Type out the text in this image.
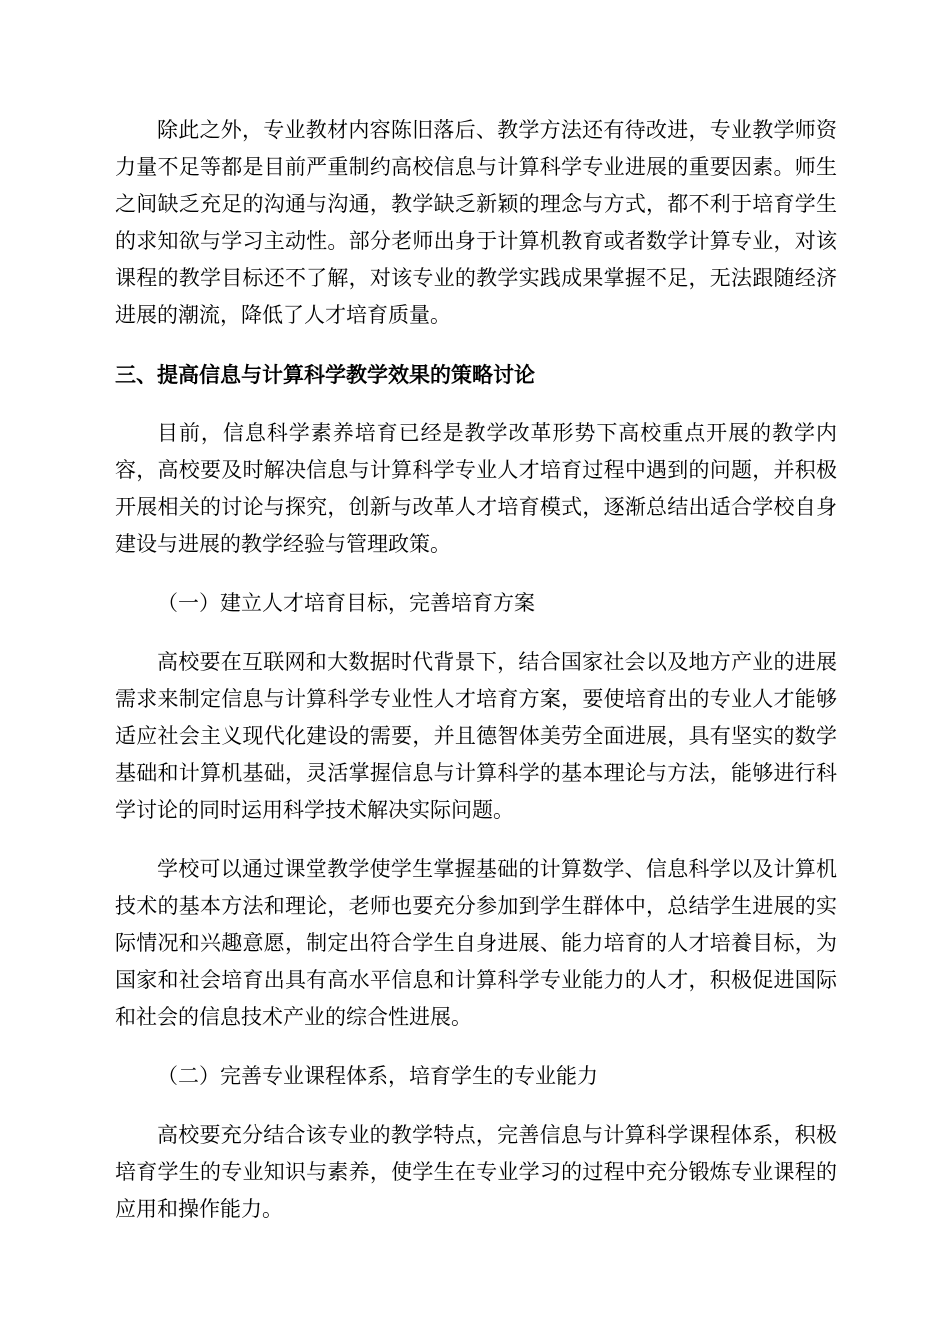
除此之外，专业教材内容陈旧落后、教学方法还有待改进，专业教学师资力量不足等都是目前严重制约高校信息与计算科学专业进展的重要因素。师生之间缺乏充足的沟通与沟通，教学缺乏新颖的理念与方式，都不利于培育学生的求知欲与学习主动性。部分老师出身于计算机教育或者数学计算专业，对该课程的教学目标还不了解，对该专业的教学实践成果掌握不足，无法跟随经济进展的潮流，降低了人才培育质量。

三、提高信息与计算科学教学效果的策略讨论

目前，信息科学素养培育已经是教学改革形势下高校重点开展的教学内容，高校要及时解决信息与计算科学专业人才培育过程中遇到的问题，并积极开展相关的讨论与探究，创新与改革人才培育模式，逐渐总结出适合学校自身建设与进展的教学经验与管理政策。

（一）建立人才培育目标，完善培育方案

高校要在互联网和大数据时代背景下，结合国家社会以及地方产业的进展需求来制定信息与计算科学专业性人才培育方案，要使培育出的专业人才能够适应社会主义现代化建设的需要，并且德智体美劳全面进展，具有坚实的数学基础和计算机基础，灵活掌握信息与计算科学的基本理论与方法，能够进行科学讨论的同时运用科学技术解决实际问题。

学校可以通过课堂教学使学生掌握基础的计算数学、信息科学以及计算机技术的基本方法和理论，老师也要充分参加到学生群体中，总结学生进展的实际情况和兴趣意愿，制定出符合学生自身进展、能力培育的人才培養目标，为国家和社会培育出具有高水平信息和计算科学专业能力的人才，积极促进国际和社会的信息技术产业的综合性进展。

（二）完善专业课程体系，培育学生的专业能力

高校要充分结合该专业的教学特点，完善信息与计算科学课程体系，积极培育学生的专业知识与素养，使学生在专业学习的过程中充分锻炼专业课程的应用和操作能力。
